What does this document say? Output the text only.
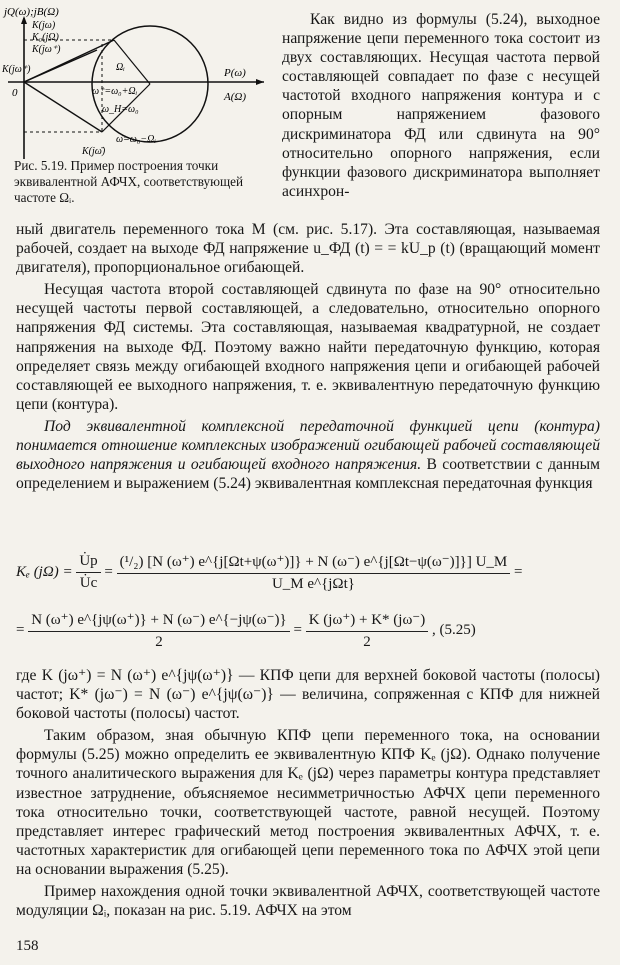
jQ(ω);jB(Ω)
K(jω)
K₀(jΩ)
K(jω⁺)
K(jω⁺)
0
Ωᵢ
ω⁺=ω₀+Ωᵢ
ω_H=ω₀
ω̄=ω₀−Ωᵢ
K(jω̄)
P(ω)
A(Ω)
Рис. 5.19. Пример построения точки эквивалентной АФЧХ, соответствующей частоте Ωᵢ.

Как видно из формулы (5.24), выходное напряжение цепи переменного тока состоит из двух составляющих. Несущая частота первой составляющей совпадает по фазе с несущей частотой входного напряжения контура и с опорным напряжением фазового дискриминатора ФД или сдвинута на 90° относительно опорного напряжения, если функции фазового дискриминатора выполняет асинхрон-

ный двигатель переменного тока M (см. рис. 5.17). Эта составляющая, называемая рабочей, создает на выходе ФД напряжение u_ФД (t) = = kU_р (t) (вращающий момент двигателя), пропорциональное огибающей.

Несущая частота второй составляющей сдвинута по фазе на 90° относительно несущей частоты первой составляющей, а следовательно, относительно опорного напряжения ФД системы. Эта составляющая, называемая квадратурной, не создает напряжения на выходе ФД. Поэтому важно найти передаточную функцию, которая определяет связь между огибающей входного напряжения цепи и огибающей рабочей составляющей ее выходного напряжения, т. е. эквивалентную передаточную функцию цепи (контура).

Под эквивалентной комплексной передаточной функцией цепи (контура) понимается отношение комплексных изображений огибающей рабочей составляющей выходного напряжения и огибающей входного напряжения. В соответствии с данным определением и выражением (5.24) эквивалентная комплексная передаточная функция

Kₑ $(j\Omega) = \frac{U̇р}{U̇с} = \frac{\text{(¹/₂) [N (ω⁺) e\textasciicircum{}\{j[Ωt+ψ(ω⁺)]\} + N (ω⁻) e\textasciicircum{}\{j[Ωt−ψ(ω⁻)]\}] U\_M}}{\text{U\_M e\textasciicircum{}\{jΩt\}}}$ =
= $\frac{N (\omega^+) e\^{}\{j\psi(\omega^+)\} + N (\omega^-) e\^{}\{-j\psi(\omega^-)\}}{2} = \frac{K (j\omega^+) + K* (j\omega^-)}{2}$ , (5.25)

где K (jω⁺) = N (ω⁺) e^{jψ(ω⁺)} — КПФ цепи для верхней боковой частоты (полосы) частот; K* (jω⁻) = N (ω⁻) e^{jψ(ω⁻)} — величина, сопряженная с КПФ для нижней боковой частоты (полосы) частот.

Таким образом, зная обычную КПФ цепи переменного тока, на основании формулы (5.25) можно определить ее эквивалентную КПФ Kₑ (jΩ). Однако получение точного аналитического выражения для Kₑ (jΩ) через параметры контура представляет известное затруднение, объясняемое несимметричностью АФЧХ цепи переменного тока относительно точки, соответствующей частоте, равной несущей. Поэтому представляет интерес графический метод построения эквивалентных АФЧХ, т. е. частотных характеристик для огибающей цепи переменного тока по АФЧХ этой цепи на основании выражения (5.25).

Пример нахождения одной точки эквивалентной АФЧХ, соответствующей частоте модуляции Ωᵢ, показан на рис. 5.19. АФЧХ на этом

158
